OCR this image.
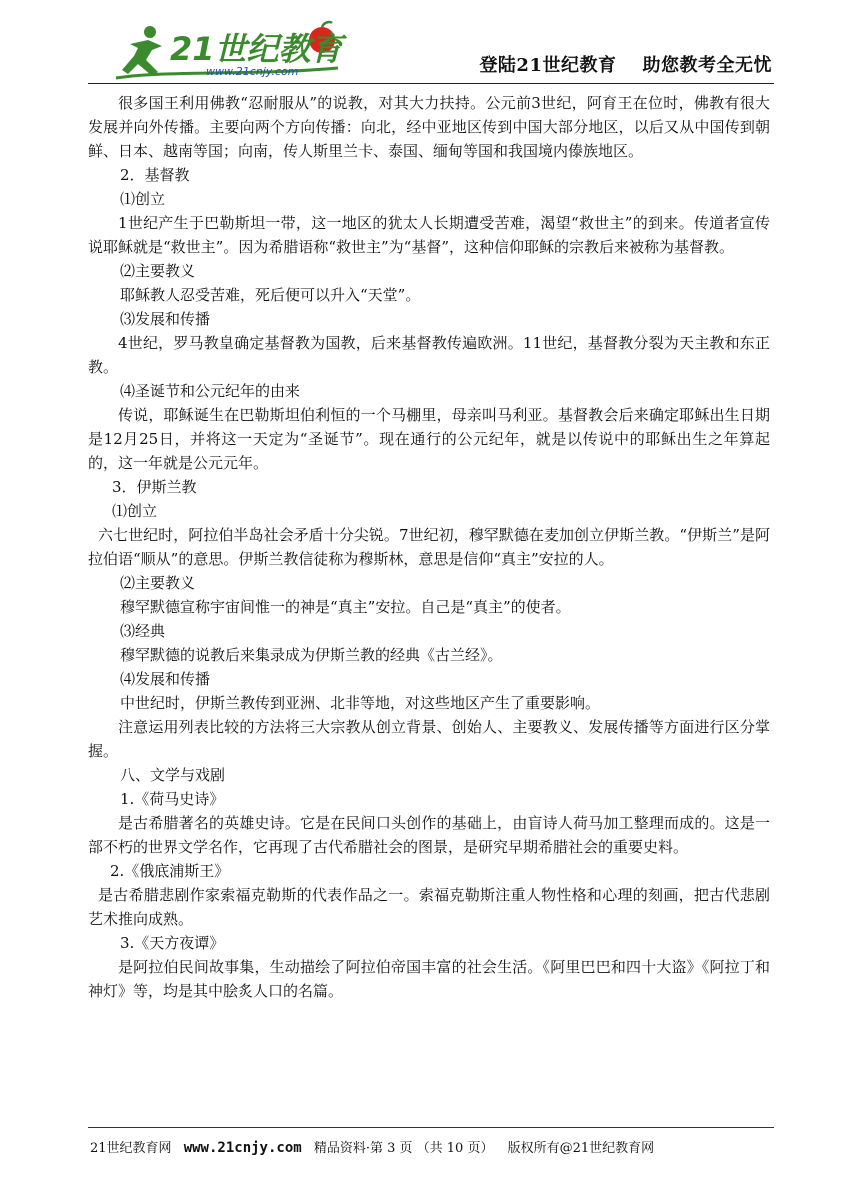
21世纪教育
www.21cnjy.com	登陆21世纪教育 助您教考全无忧

很多国王利用佛教“忍耐服从”的说教，对其大力扶持。公元前3世纪，阿育王在位时，佛教有很大发展并向外传播。主要向两个方向传播：向北，经中亚地区传到中国大部分地区，以后又从中国传到朝鲜、日本、越南等国；向南，传人斯里兰卡、泰国、缅甸等国和我国境内傣族地区。

2．基督教

⑴创立

1世纪产生于巴勒斯坦一带，这一地区的犹太人长期遭受苦难，渴望“救世主”的到来。传道者宣传说耶稣就是“救世主”。因为希腊语称“救世主”为“基督”，这种信仰耶稣的宗教后来被称为基督教。

⑵主要教义

耶稣教人忍受苦难，死后便可以升入“天堂”。

⑶发展和传播

4世纪，罗马教皇确定基督教为国教，后来基督教传遍欧洲。11世纪，基督教分裂为天主教和东正教。

⑷圣诞节和公元纪年的由来

传说，耶稣诞生在巴勒斯坦伯利恒的一个马棚里，母亲叫马利亚。基督教会后来确定耶稣出生日期是12月25日，并将这一天定为“圣诞节”。现在通行的公元纪年，就是以传说中的耶稣出生之年算起的，这一年就是公元元年。

3．伊斯兰教

⑴创立

六七世纪时，阿拉伯半岛社会矛盾十分尖锐。7世纪初，穆罕默德在麦加创立伊斯兰教。“伊斯兰”是阿拉伯语“顺从”的意思。伊斯兰教信徒称为穆斯林，意思是信仰“真主”安拉的人。

⑵主要教义

穆罕默德宣称宇宙间惟一的神是“真主”安拉。自己是“真主”的使者。

⑶经典

穆罕默德的说教后来集录成为伊斯兰教的经典《古兰经》。

⑷发展和传播

中世纪时，伊斯兰教传到亚洲、北非等地，对这些地区产生了重要影响。

注意运用列表比较的方法将三大宗教从创立背景、创始人、主要教义、发展传播等方面进行区分掌握。

八、文学与戏剧

1.《荷马史诗》

是古希腊著名的英雄史诗。它是在民间口头创作的基础上，由盲诗人荷马加工整理而成的。这是一部不朽的世界文学名作，它再现了古代希腊社会的图景，是研究早期希腊社会的重要史料。

2.《俄底浦斯王》

是古希腊悲剧作家索福克勒斯的代表作品之一。索福克勒斯注重人物性格和心理的刻画，把古代悲剧艺术推向成熟。

3.《天方夜谭》

是阿拉伯民间故事集，生动描绘了阿拉伯帝国丰富的社会生活。《阿里巴巴和四十大盗》《阿拉丁和神灯》等，均是其中脍炙人口的名篇。

21世纪教育网 www.21cnjy.com 精品资料·第 3 页 （共 10 页） 版权所有@21世纪教育网
